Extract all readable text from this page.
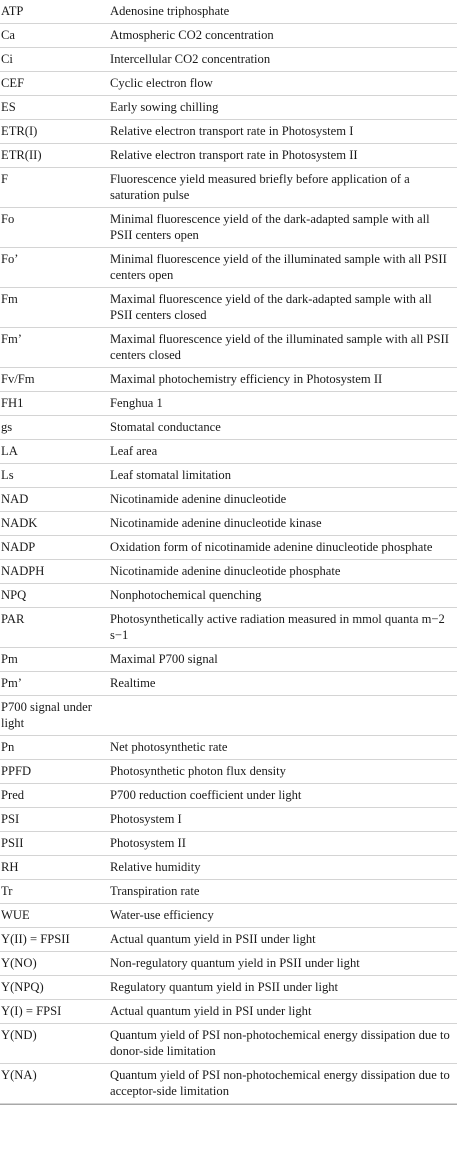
ATP	Adenosine triphosphate
Ca	Atmospheric CO2 concentration
Ci	Intercellular CO2 concentration
CEF	Cyclic electron flow
ES	Early sowing chilling
ETR(I)	Relative electron transport rate in Photosystem I
ETR(II)	Relative electron transport rate in Photosystem II
F	Fluorescence yield measured briefly before application of a saturation pulse
Fo	Minimal fluorescence yield of the dark-adapted sample with all PSII centers open
Fo’	Minimal fluorescence yield of the illuminated sample with all PSII centers open
Fm	Maximal fluorescence yield of the dark-adapted sample with all PSII centers closed
Fm’	Maximal fluorescence yield of the illuminated sample with all PSII centers closed
Fv/Fm	Maximal photochemistry efficiency in Photosystem II
FH1	Fenghua 1
gs	Stomatal conductance
LA	Leaf area
Ls	Leaf stomatal limitation
NAD	Nicotinamide adenine dinucleotide
NADK	Nicotinamide adenine dinucleotide kinase
NADP	Oxidation form of nicotinamide adenine dinucleotide phosphate
NADPH	Nicotinamide adenine dinucleotide phosphate
NPQ	Nonphotochemical quenching
PAR	Photosynthetically active radiation measured in mmol quanta m−2 s−1
Pm	Maximal P700 signal
Pm’	Realtime
P700 signal under light	
Pn	Net photosynthetic rate
PPFD	Photosynthetic photon flux density
Pred	P700 reduction coefficient under light
PSI	Photosystem I
PSII	Photosystem II
RH	Relative humidity
Tr	Transpiration rate
WUE	Water-use efficiency
Y(II) = FPSII	Actual quantum yield in PSII under light
Y(NO)	Non-regulatory quantum yield in PSII under light
Y(NPQ)	Regulatory quantum yield in PSII under light
Y(I) = FPSI	Actual quantum yield in PSI under light
Y(ND)	Quantum yield of PSI non-photochemical energy dissipation due to donor-side limitation
Y(NA)	Quantum yield of PSI non-photochemical energy dissipation due to acceptor-side limitation
